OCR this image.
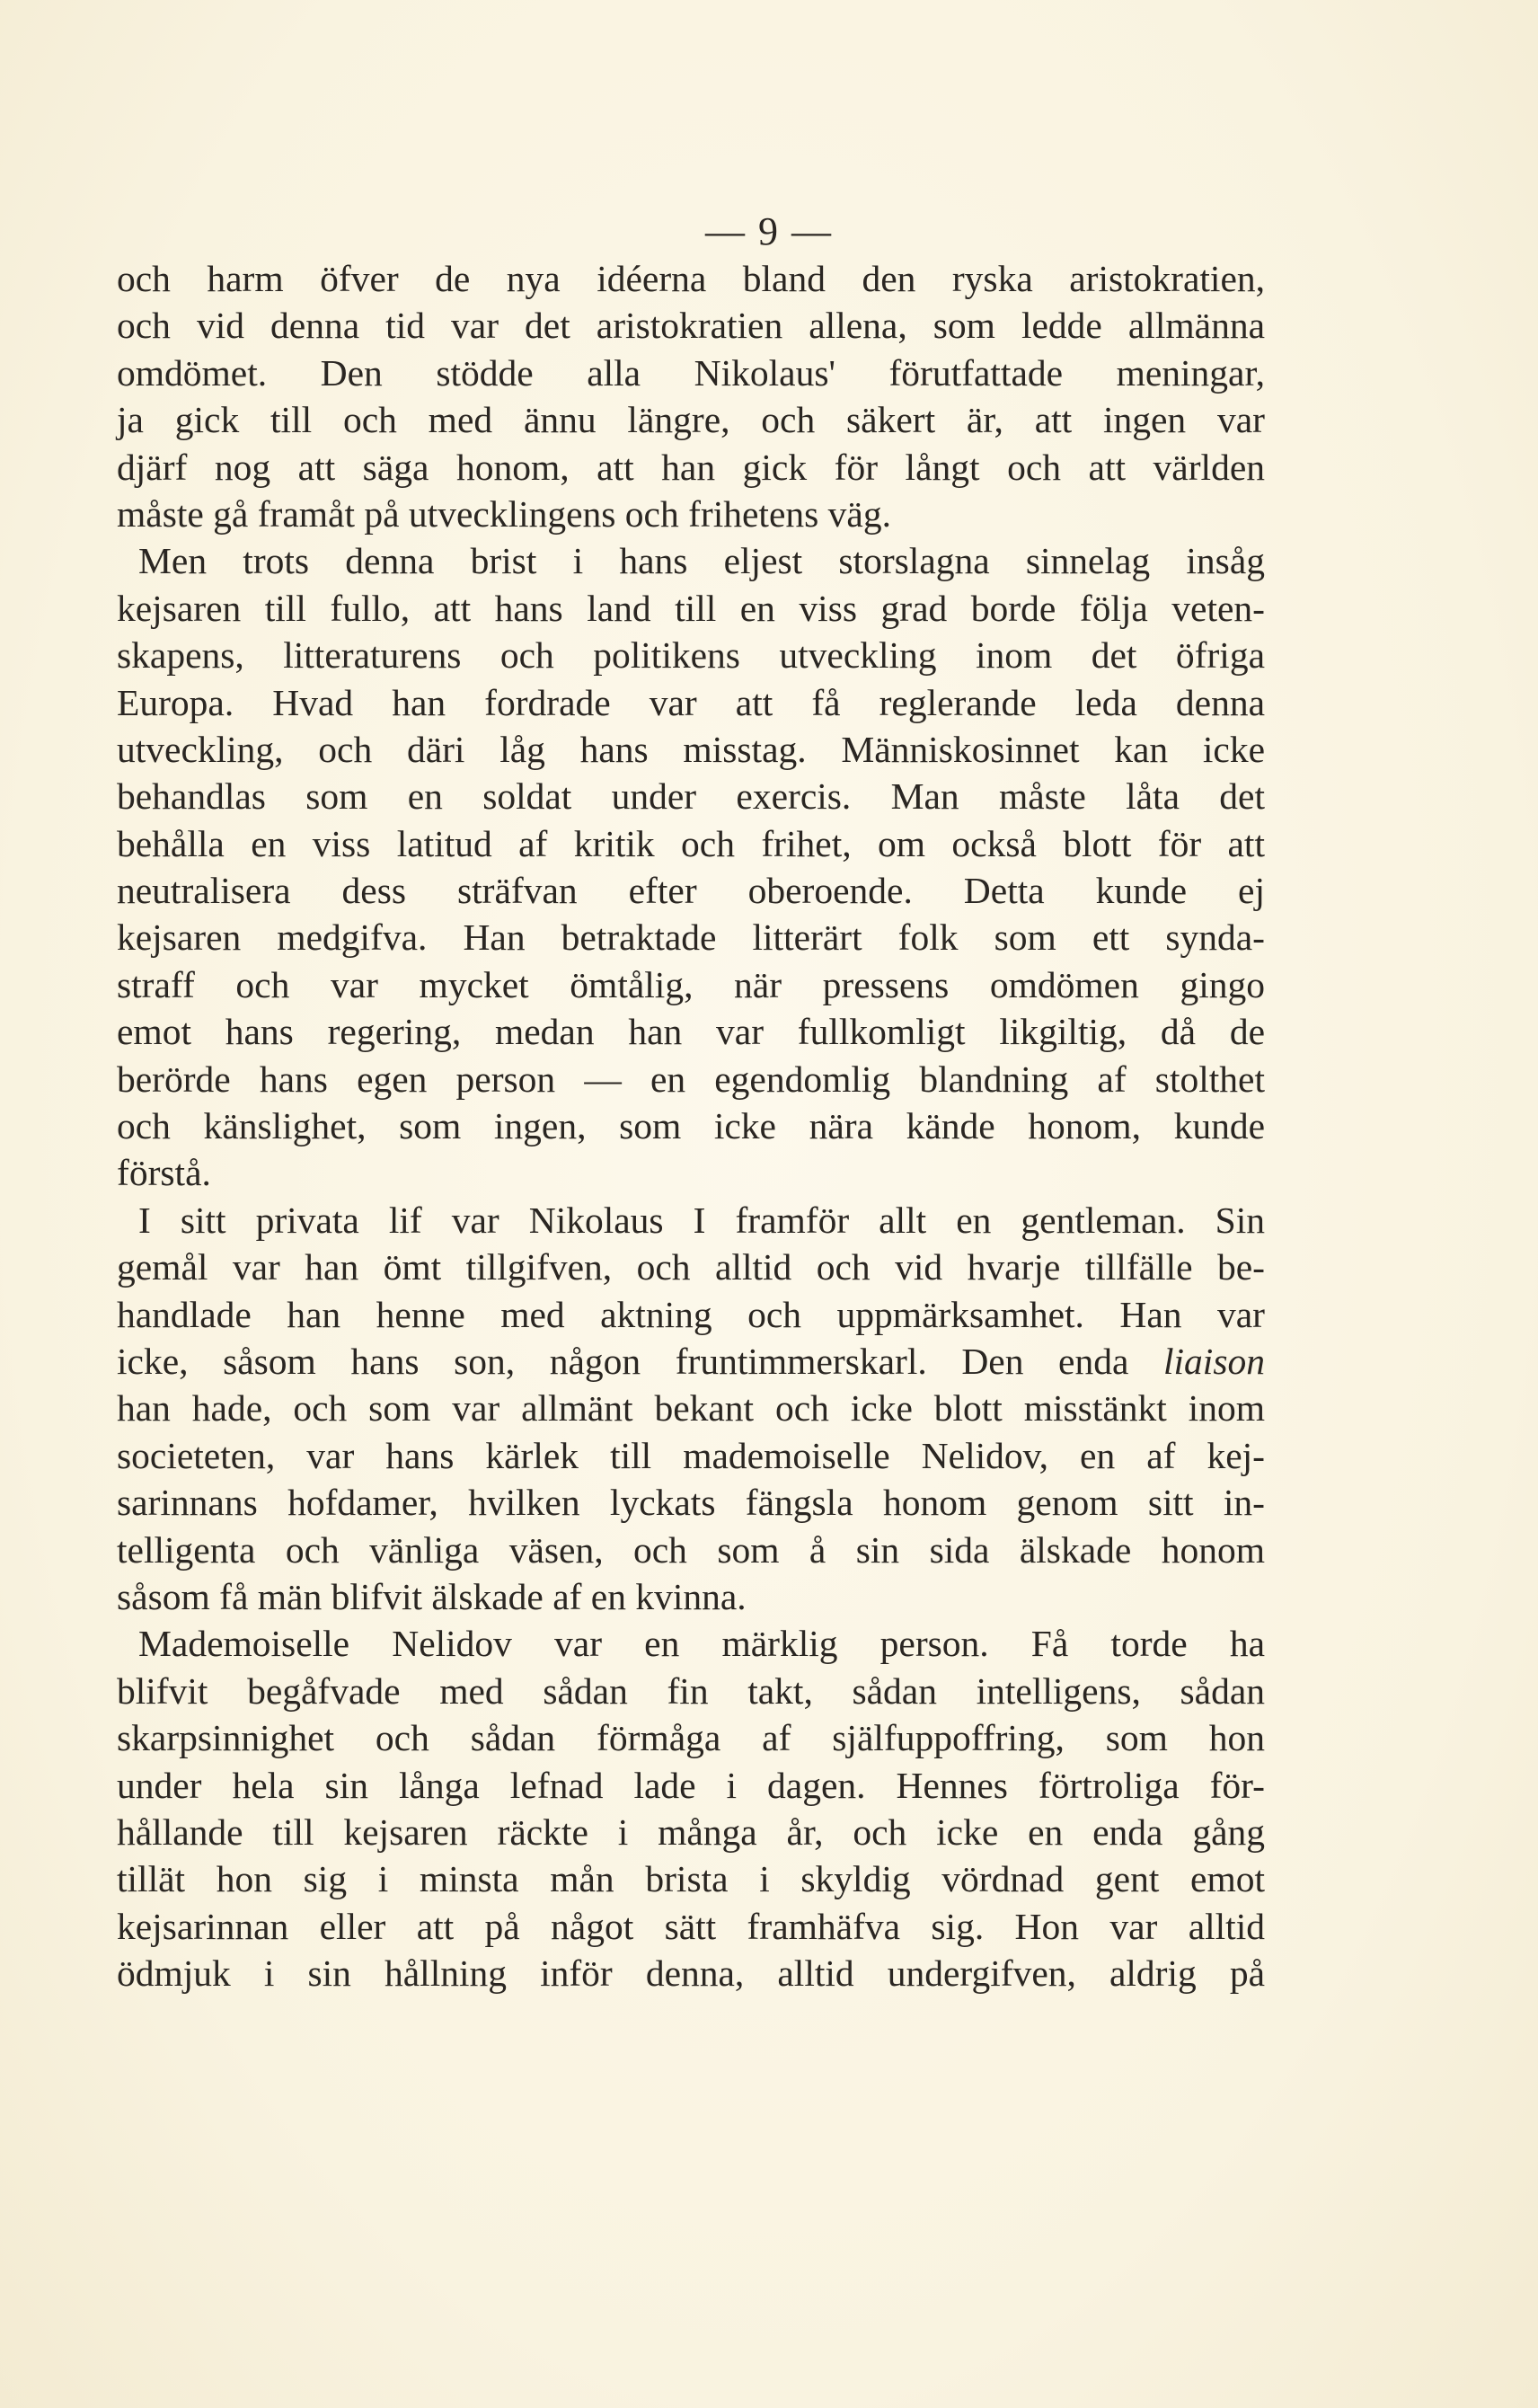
— 9 —
och harm öfver de nya idéerna bland den ryska aristokratien,
och vid denna tid var det aristokratien allena, som ledde allmänna
omdömet. Den stödde alla Nikolaus' förutfattade meningar,
ja gick till och med ännu längre, och säkert är, att ingen var
djärf nog att säga honom, att han gick för långt och att världen
måste gå framåt på utvecklingens och frihetens väg.
Men trots denna brist i hans eljest storslagna sinnelag insåg
kejsaren till fullo, att hans land till en viss grad borde följa veten-
skapens, litteraturens och politikens utveckling inom det öfriga
Europa. Hvad han fordrade var att få reglerande leda denna
utveckling, och däri låg hans misstag. Människosinnet kan icke
behandlas som en soldat under exercis. Man måste låta det
behålla en viss latitud af kritik och frihet, om också blott för att
neutralisera dess sträfvan efter oberoende. Detta kunde ej
kejsaren medgifva. Han betraktade litterärt folk som ett synda-
straff och var mycket ömtålig, när pressens omdömen gingo
emot hans regering, medan han var fullkomligt likgiltig, då de
berörde hans egen person — en egendomlig blandning af stolthet
och känslighet, som ingen, som icke nära kände honom, kunde
förstå.
I sitt privata lif var Nikolaus I framför allt en gentleman. Sin
gemål var han ömt tillgifven, och alltid och vid hvarje tillfälle be-
handlade han henne med aktning och uppmärksamhet. Han var
icke, såsom hans son, någon fruntimmerskarl. Den enda liaison
han hade, och som var allmänt bekant och icke blott misstänkt inom
societeten, var hans kärlek till mademoiselle Nelidov, en af kej-
sarinnans hofdamer, hvilken lyckats fängsla honom genom sitt in-
telligenta och vänliga väsen, och som å sin sida älskade honom
såsom få män blifvit älskade af en kvinna.
Mademoiselle Nelidov var en märklig person. Få torde ha
blifvit begåfvade med sådan fin takt, sådan intelligens, sådan
skarpsinnighet och sådan förmåga af själfuppoffring, som hon
under hela sin långa lefnad lade i dagen. Hennes förtroliga för-
hållande till kejsaren räckte i många år, och icke en enda gång
tillät hon sig i minsta mån brista i skyldig vördnad gent emot
kejsarinnan eller att på något sätt framhäfva sig. Hon var alltid
ödmjuk i sin hållning inför denna, alltid undergifven, aldrig på
